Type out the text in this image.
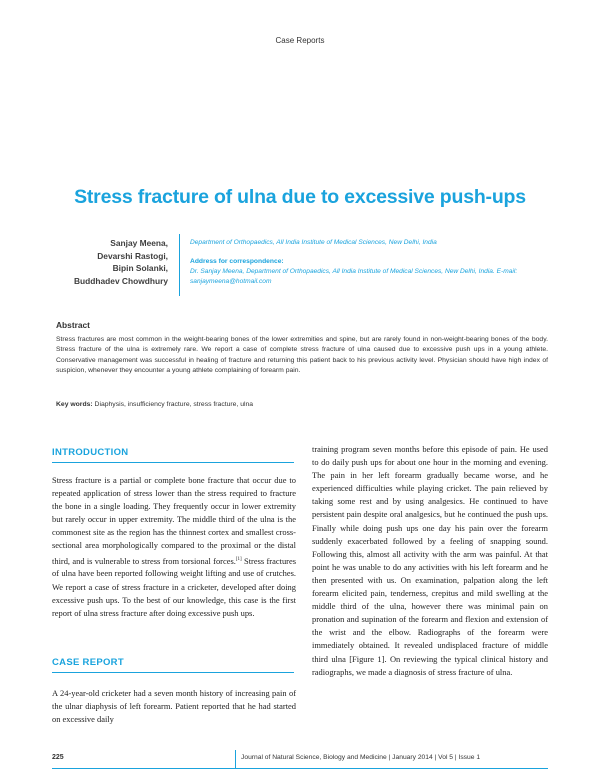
Case Reports
Stress fracture of ulna due to excessive push-ups
Sanjay Meena,
Devarshi Rastogi,
Bipin Solanki,
Buddhadev Chowdhury
Department of Orthopaedics, All India Institute of Medical Sciences, New Delhi, India
Address for correspondence:
Dr. Sanjay Meena, Department of Orthopaedics, All India Institute of Medical Sciences, New Delhi, India. E-mail: sanjaymeena@hotmail.com
Abstract
Stress fractures are most common in the weight-bearing bones of the lower extremities and spine, but are rarely found in non-weight-bearing bones of the body. Stress fracture of the ulna is extremely rare. We report a case of complete stress fracture of ulna caused due to excessive push ups in a young athlete. Conservative management was successful in healing of fracture and returning this patient back to his previous activity level. Physician should have high index of suspicion, whenever they encounter a young athlete complaining of forearm pain.
Key words: Diaphysis, insufficiency fracture, stress fracture, ulna
INTRODUCTION

Stress fracture is a partial or complete bone fracture that occur due to repeated application of stress lower than the stress required to fracture the bone in a single loading. They frequently occur in lower extremity but rarely occur in upper extremity. The middle third of the ulna is the commonest site as the region has the thinnest cortex and smallest cross-sectional area morphologically compared to the proximal or the distal third, and is vulnerable to stress from torsional forces.[1] Stress fractures of ulna have been reported following weight lifting and use of crutches. We report a case of stress fracture in a cricketer, developed after doing excessive push ups. To the best of our knowledge, this case is the first report of ulna stress fracture after doing excessive push ups.

CASE REPORT

A 24-year-old cricketer had a seven month history of increasing pain of the ulnar diaphysis of left forearm. Patient reported that he had started on excessive daily

training program seven months before this episode of pain. He used to do daily push ups for about one hour in the morning and evening. The pain in her left forearm gradually became worse, and he experienced difficulties while playing cricket. The pain relieved by taking some rest and by using analgesics. He continued to have persistent pain despite oral analgesics, but he continued the push ups. Finally while doing push ups one day his pain over the forearm suddenly exacerbated followed by a feeling of snapping sound. Following this, almost all activity with the arm was painful. At that point he was unable to do any activities with his left forearm and he then presented with us. On examination, palpation along the left forearm elicited pain, tenderness, crepitus and mild swelling at the middle third of the ulna, however there was minimal pain on pronation and supination of the forearm and flexion and extension of the wrist and the elbow. Radiographs of the forearm were immediately obtained. It revealed undisplaced fracture of middle third ulna [Figure 1]. On reviewing the typical clinical history and radiographs, we made a diagnosis of stress fracture of ulna.

225	Journal of Natural Science, Biology and Medicine | January 2014 | Vol 5 | Issue 1
